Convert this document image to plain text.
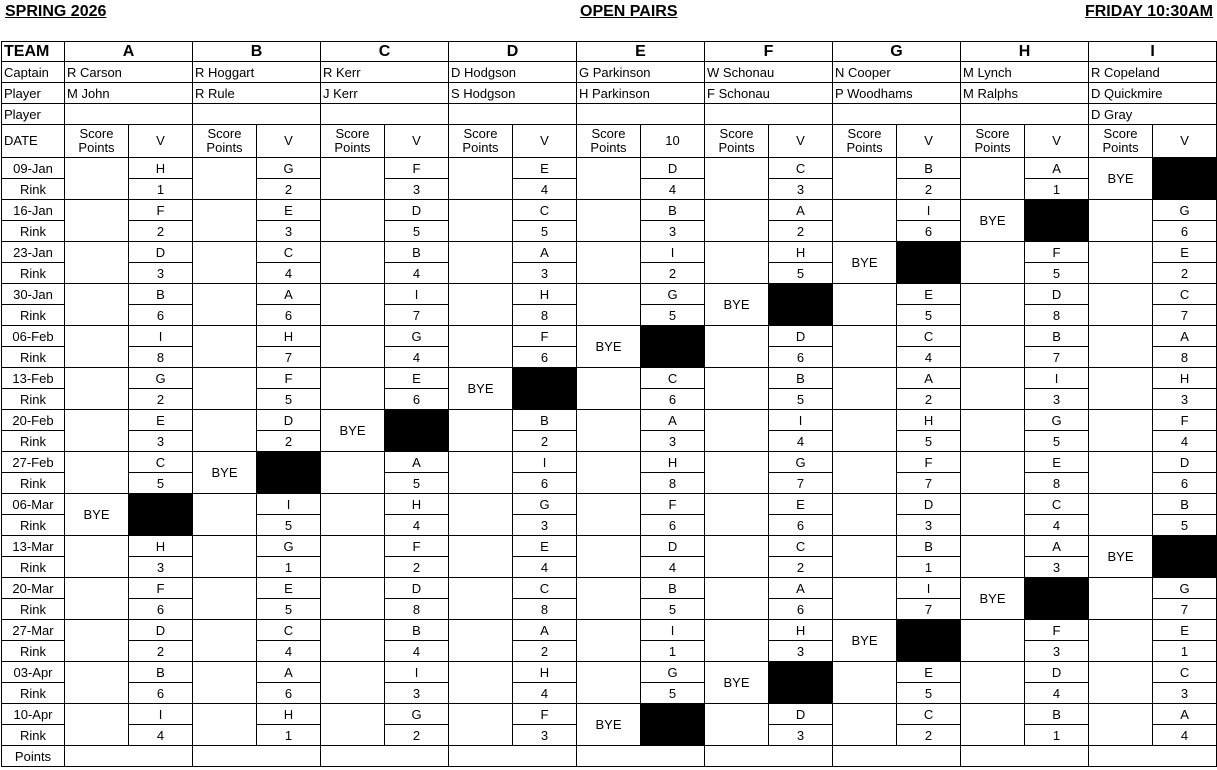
SPRING 2026	OPEN PAIRS	FRIDAY 10:30AM
TEAM	A		B		C		D		E		F		G		H		I	
Captain	R Carson		R Hoggart		R Kerr		D Hodgson		G Parkinson		W Schonau		N Cooper		M Lynch		R Copeland	
Player	M John		R Rule		J Kerr		S Hodgson		H Parkinson		F Schonau		P Woodhams		M Ralphs		D Quickmire	
Player																	D Gray	
DATE	Score Points	V	Score Points	V	Score Points	V	Score Points	V	Score Points	10	Score Points	V	Score Points	V	Score Points	V	Score Points	V
09-Jan		H		G		F		E		D		C		B		A	BYE	
Rink		1		2		3		4		4		3		2		1		
16-Jan		F		E		D		C		B		A		I	BYE			G
Rink		2		3		5		5		3		2		6				6
23-Jan		D		C		B		A		I		H	BYE			F		E
Rink		3		4		4		3		2		5				5		2
30-Jan		B		A		I		H		G	BYE			E		D		C
Rink		6		6		7		8		5				5		8		7
06-Feb		I		H		G		F	BYE			D		C		B		A
Rink		8		7		4		6				6		4		7		8
13-Feb		G		F		E	BYE			C		B		A		I		H
Rink		2		5		6				6		5		2		3		3
20-Feb		E		D	BYE			B		A		I		H		G		F
Rink		3		2				2		3		4		5		5		4
27-Feb		C	BYE			A		I		H		G		F		E		D
Rink		5				5		6		8		7		7		8		6
06-Mar	BYE			I		H		G		F		E		D		C		B
Rink				5		4		3		6		6		3		4		5
13-Mar		H		G		F		E		D		C		B		A	BYE	
Rink		3		1		2		4		4		2		1		3		
20-Mar		F		E		D		C		B		A		I	BYE			G
Rink		6		5		8		8		5		6		7				7
27-Mar		D		C		B		A		I		H	BYE			F		E
Rink		2		4		4		2		1		3				3		1
03-Apr		B		A		I		H		G	BYE			E		D		C
Rink		6		6		3		4		5				5		4		3
10-Apr		I		H		G		F	BYE			D		C		B		A
Rink		4		1		2		3				3		2		1		4
Points																		
